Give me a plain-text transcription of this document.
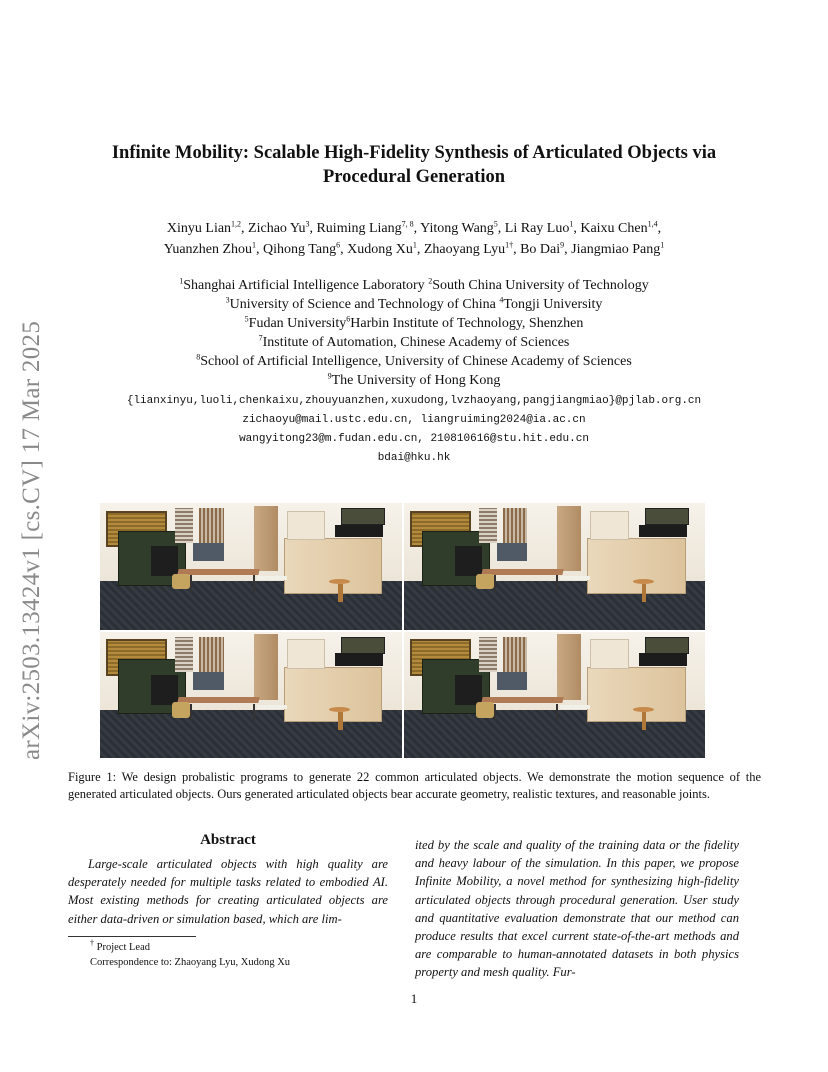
arXiv:2503.13424v1 [cs.CV] 17 Mar 2025
Infinite Mobility: Scalable High-Fidelity Synthesis of Articulated Objects via
Procedural Generation
Xinyu Lian$^{1,2}$, Zichao Yu$^3$, Ruiming Liang$^{7, 8}$, Yitong Wang$^5$, Li Ray Luo$^1$, Kaixu Chen$^{1,4}$,
Yuanzhen Zhou$^1$, Qihong Tang$^6$, Xudong Xu$^1$, Zhaoyang Lyu$^{1\dagger}$, Bo Dai$^9$, Jiangmiao Pang$^1$
$^1$Shanghai Artificial Intelligence Laboratory $^2$South China University of Technology
$^3$University of Science and Technology of China $^4$Tongji University
$^5$Fudan University$^6$Harbin Institute of Technology, Shenzhen
$^7$Institute of Automation, Chinese Academy of Sciences
$^8$School of Artificial Intelligence, University of Chinese Academy of Sciences
$^9$The University of Hong Kong
{lianxinyu,luoli,chenkaixu,zhouyuanzhen,xuxudong,lvzhaoyang,pangjiangmiao}@pjlab.org.cn
zichaoyu@mail.ustc.edu.cn, liangruiming2024@ia.ac.cn
wangyitong23@m.fudan.edu.cn, 210810616@stu.hit.edu.cn
bdai@hku.hk
Figure 1: We design probalistic programs to generate 22 common articulated objects. We demonstrate the motion sequence of the generated articulated objects. Ours generated articulated objects bear accurate geometry, realistic textures, and reasonable joints.
Abstract

Large-scale articulated objects with high quality are desperately needed for multiple tasks related to embodied AI. Most existing methods for creating articulated objects are either data-driven or simulation based, which are lim-

ited by the scale and quality of the training data or the fidelity and heavy labour of the simulation. In this paper, we propose Infinite Mobility, a novel method for synthesizing high-fidelity articulated objects through procedural generation. User study and quantitative evaluation demonstrate that our method can produce results that excel current state-of-the-art methods and are comparable to human-annotated datasets in both physics property and mesh quality. Fur-
† Project Lead
Correspondence to: Zhaoyang Lyu, Xudong Xu
1
